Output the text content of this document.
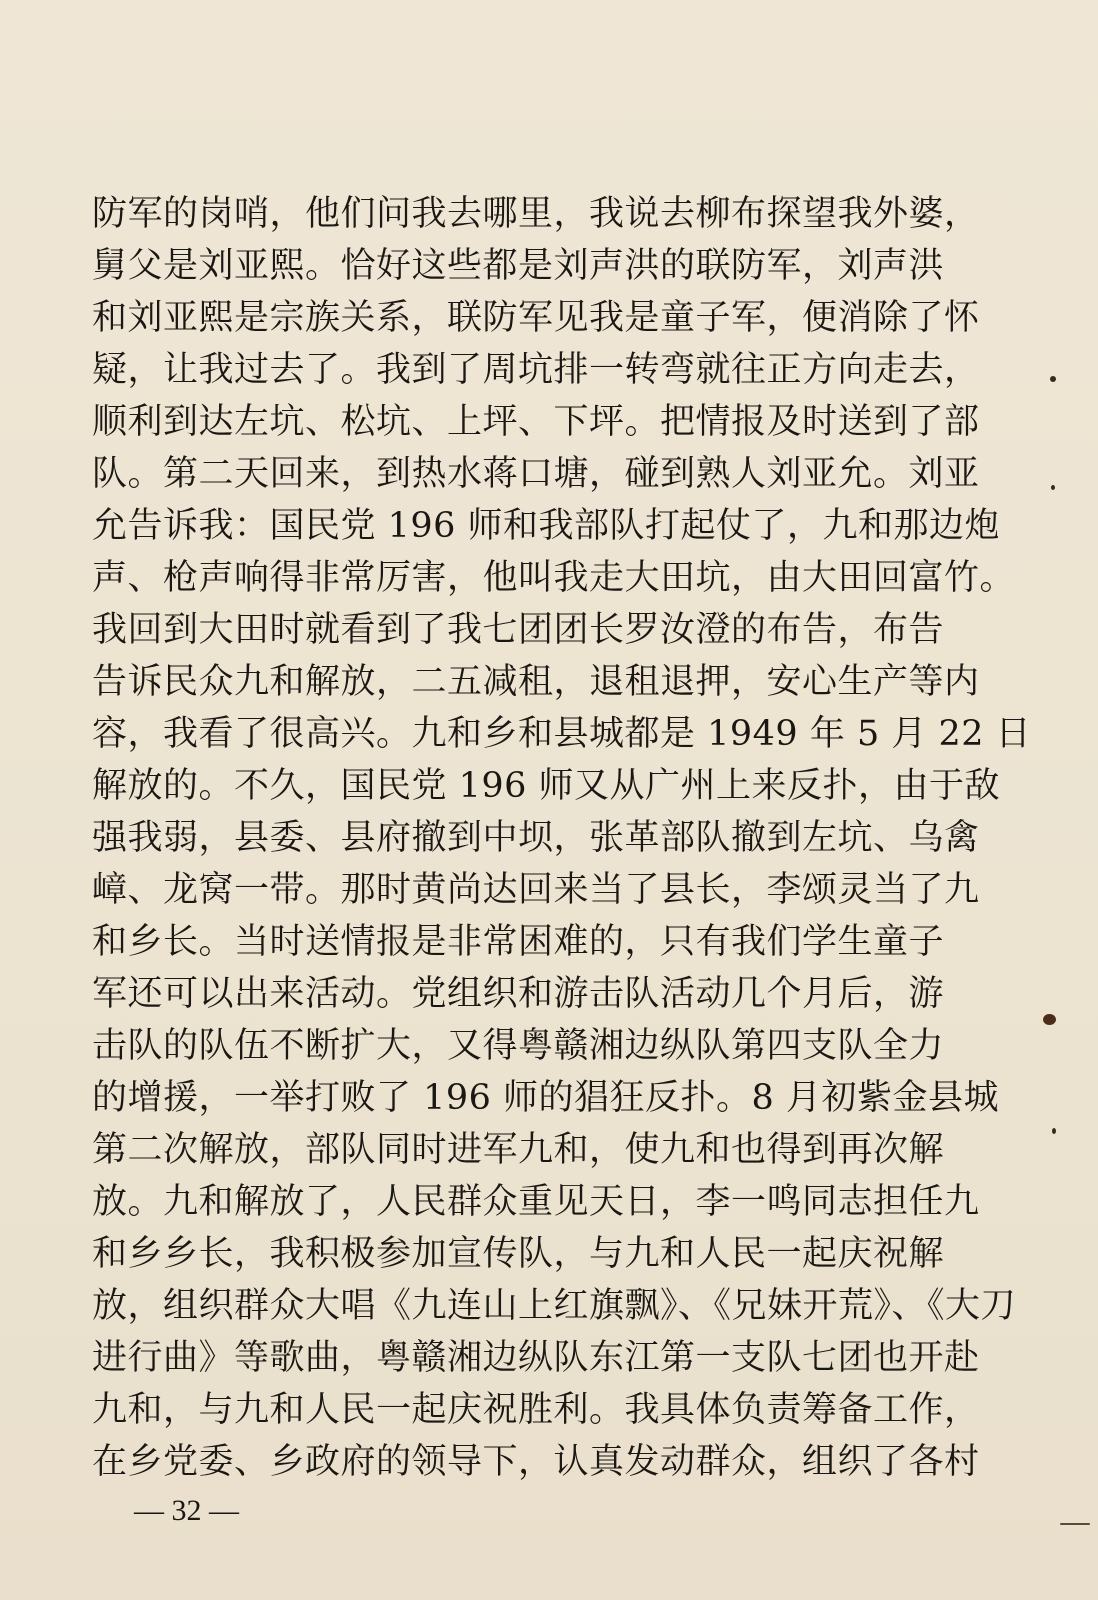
防军的岗哨，他们问我去哪里，我说去柳布探望我外婆，
舅父是刘亚熙。恰好这些都是刘声洪的联防军，刘声洪
和刘亚熙是宗族关系，联防军见我是童子军，便消除了怀
疑，让我过去了。我到了周坑排一转弯就往正方向走去，
顺利到达左坑、松坑、上坪、下坪。把情报及时送到了部
队。第二天回来，到热水蒋口塘，碰到熟人刘亚允。刘亚
允告诉我：国民党 196 师和我部队打起仗了，九和那边炮
声、枪声响得非常厉害，他叫我走大田坑，由大田回富竹。
我回到大田时就看到了我七团团长罗汝澄的布告，布告
告诉民众九和解放，二五减租，退租退押，安心生产等内
容，我看了很高兴。九和乡和县城都是 1949 年 5 月 22 日
解放的。不久，国民党 196 师又从广州上来反扑，由于敌
强我弱，县委、县府撤到中坝，张革部队撤到左坑、乌禽
嶂、龙窝一带。那时黄尚达回来当了县长，李颂灵当了九
和乡长。当时送情报是非常困难的，只有我们学生童子
军还可以出来活动。党组织和游击队活动几个月后，游
击队的队伍不断扩大，又得粤赣湘边纵队第四支队全力
的增援，一举打败了 196 师的猖狂反扑。8 月初紫金县城
第二次解放，部队同时进军九和，使九和也得到再次解
放。九和解放了，人民群众重见天日，李一鸣同志担任九
和乡乡长，我积极参加宣传队，与九和人民一起庆祝解
放，组织群众大唱《九连山上红旗飘》、《兄妹开荒》、《大刀
进行曲》等歌曲，粤赣湘边纵队东江第一支队七团也开赴
九和，与九和人民一起庆祝胜利。我具体负责筹备工作，
在乡党委、乡政府的领导下，认真发动群众，组织了各村
— 32 —
